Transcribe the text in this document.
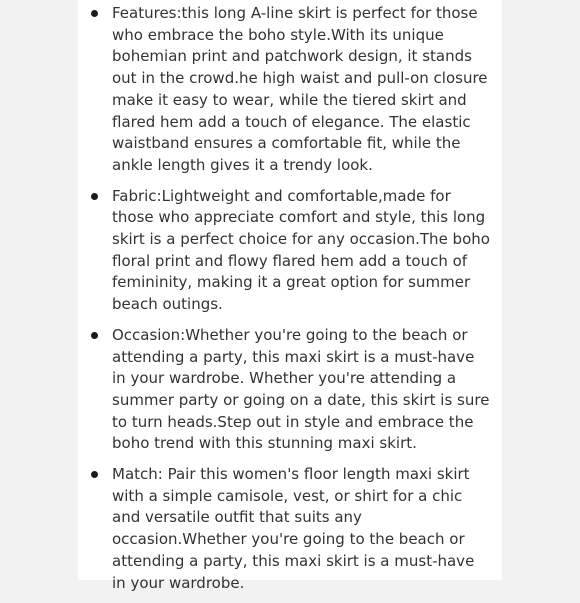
Features:this long A-line skirt is perfect for those who embrace the boho style.With its unique bohemian print and patchwork design, it stands out in the crowd.he high waist and pull-on closure make it easy to wear, while the tiered skirt and flared hem add a touch of elegance. The elastic waistband ensures a comfortable fit, while the ankle length gives it a trendy look.
Fabric:Lightweight and comfortable,made for those who appreciate comfort and style, this long skirt is a perfect choice for any occasion.The boho floral print and flowy flared hem add a touch of femininity, making it a great option for summer beach outings.
Occasion:Whether you're going to the beach or attending a party, this maxi skirt is a must-have in your wardrobe. Whether you're attending a summer party or going on a date, this skirt is sure to turn heads.Step out in style and embrace the boho trend with this stunning maxi skirt.
Match: Pair this women's floor length maxi skirt with a simple camisole, vest, or shirt for a chic and versatile outfit that suits any occasion.Whether you're going to the beach or attending a party, this maxi skirt is a must-have in your wardrobe.
